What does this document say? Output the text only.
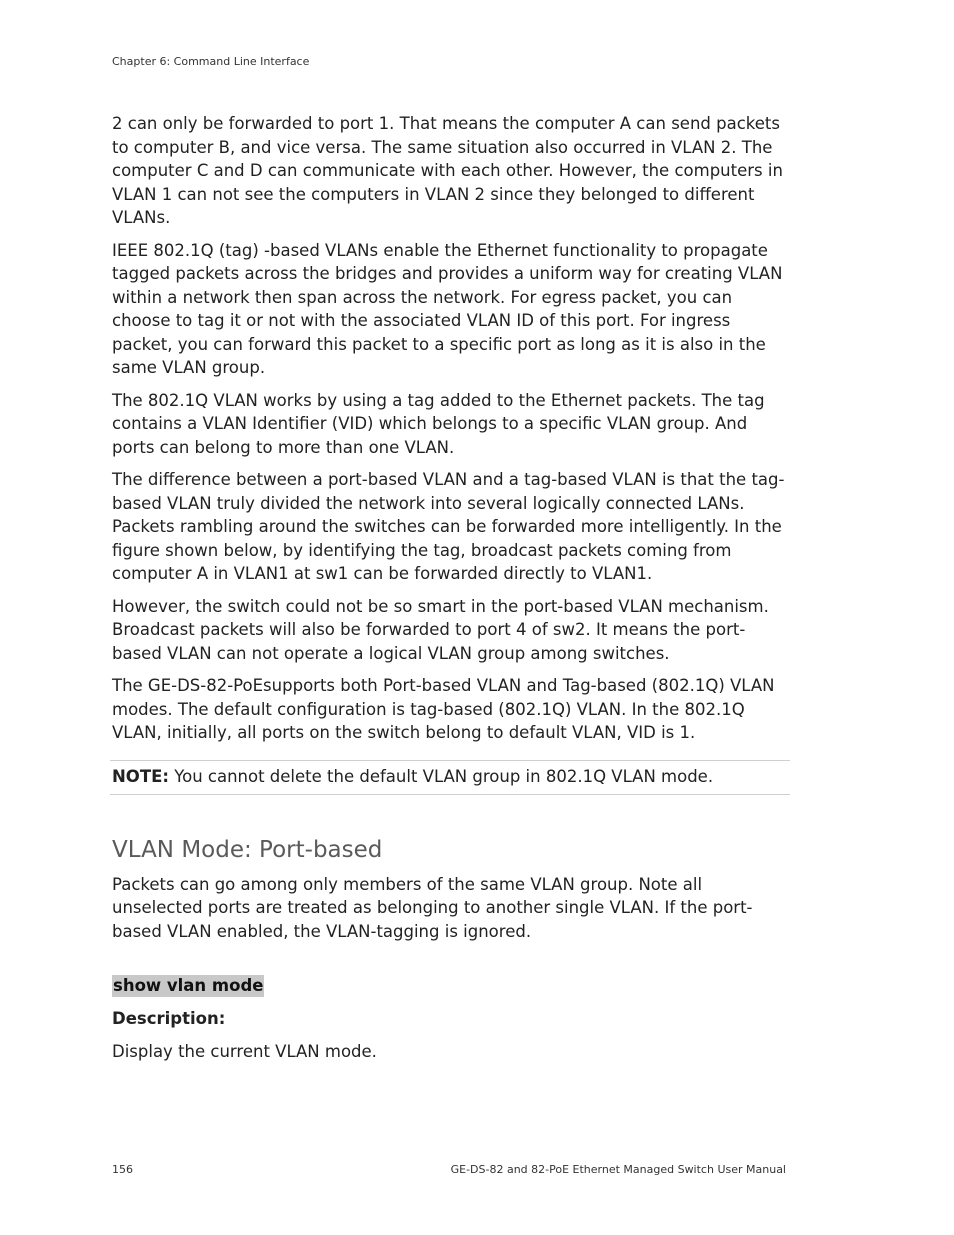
Chapter 6: Command Line Interface

2 can only be forwarded to port 1. That means the computer A can send packets to computer B, and vice versa. The same situation also occurred in VLAN 2. The computer C and D can communicate with each other. However, the computers in VLAN 1 can not see the computers in VLAN 2 since they belonged to different VLANs.

IEEE 802.1Q (tag) -based VLANs enable the Ethernet functionality to propagate tagged packets across the bridges and provides a uniform way for creating VLAN within a network then span across the network. For egress packet, you can choose to tag it or not with the associated VLAN ID of this port. For ingress packet, you can forward this packet to a specific port as long as it is also in the same VLAN group.

The 802.1Q VLAN works by using a tag added to the Ethernet packets. The tag contains a VLAN Identifier (VID) which belongs to a specific VLAN group. And ports can belong to more than one VLAN.

The difference between a port-based VLAN and a tag-based VLAN is that the tag-based VLAN truly divided the network into several logically connected LANs. Packets rambling around the switches can be forwarded more intelligently. In the figure shown below, by identifying the tag, broadcast packets coming from computer A in VLAN1 at sw1 can be forwarded directly to VLAN1.

However, the switch could not be so smart in the port-based VLAN mechanism. Broadcast packets will also be forwarded to port 4 of sw2. It means the port-based VLAN can not operate a logical VLAN group among switches.

The GE-DS-82-PoEsupports both Port-based VLAN and Tag-based (802.1Q) VLAN modes. The default configuration is tag-based (802.1Q) VLAN. In the 802.1Q VLAN, initially, all ports on the switch belong to default VLAN, VID is 1.

NOTE: You cannot delete the default VLAN group in 802.1Q VLAN mode.
VLAN Mode: Port-based

Packets can go among only members of the same VLAN group. Note all unselected ports are treated as belonging to another single VLAN. If the port-based VLAN enabled, the VLAN-tagging is ignored.

show vlan mode
Description:
Display the current VLAN mode.
156	GE-DS-82 and 82-PoE Ethernet Managed Switch User Manual
